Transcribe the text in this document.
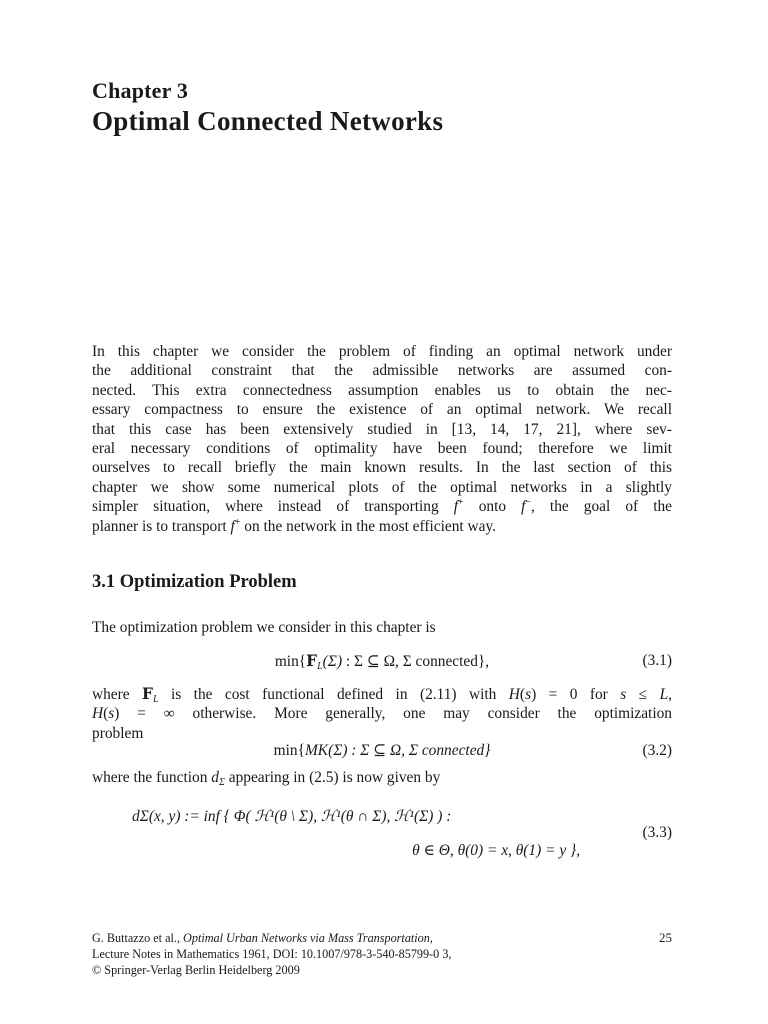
Chapter 3
Optimal Connected Networks
In this chapter we consider the problem of finding an optimal network under
the additional constraint that the admissible networks are assumed con-
nected. This extra connectedness assumption enables us to obtain the nec-
essary compactness to ensure the existence of an optimal network. We recall
that this case has been extensively studied in [13, 14, 17, 21], where sev-
eral necessary conditions of optimality have been found; therefore we limit
ourselves to recall briefly the main known results. In the last section of this
chapter we show some numerical plots of the optimal networks in a slightly
simpler situation, where instead of transporting f+ onto f−, the goal of the
planner is to transport f+ on the network in the most efficient way.
3.1 Optimization Problem

The optimization problem we consider in this chapter is

$\min\{F_L(\Sigma)$ : Σ ⊆ Ω, Σ connected},	(3.1)
where $F_L$ is the cost functional defined in (2.11) with H(s) = 0 for s ≤ L,
H(s) = ∞ otherwise. More generally, one may consider the optimization
problem
min{MK(Σ) : Σ ⊆ Ω, Σ connected}	(3.2)

where the function $d_\Sigma$ appearing in (2.5) is now given by

dΣ(x, y) := inf { Φ( ℋ¹(θ \ Σ), ℋ¹(θ ∩ Σ), ℋ¹(Σ) ) :
θ ∈ Θ, θ(0) = x, θ(1) = y },
(3.3)
G. Buttazzo et al., Optimal Urban Networks via Mass Transportation,
Lecture Notes in Mathematics 1961, DOI: 10.1007/978-3-540-85799-0 3,
© Springer-Verlag Berlin Heidelberg 2009
25
